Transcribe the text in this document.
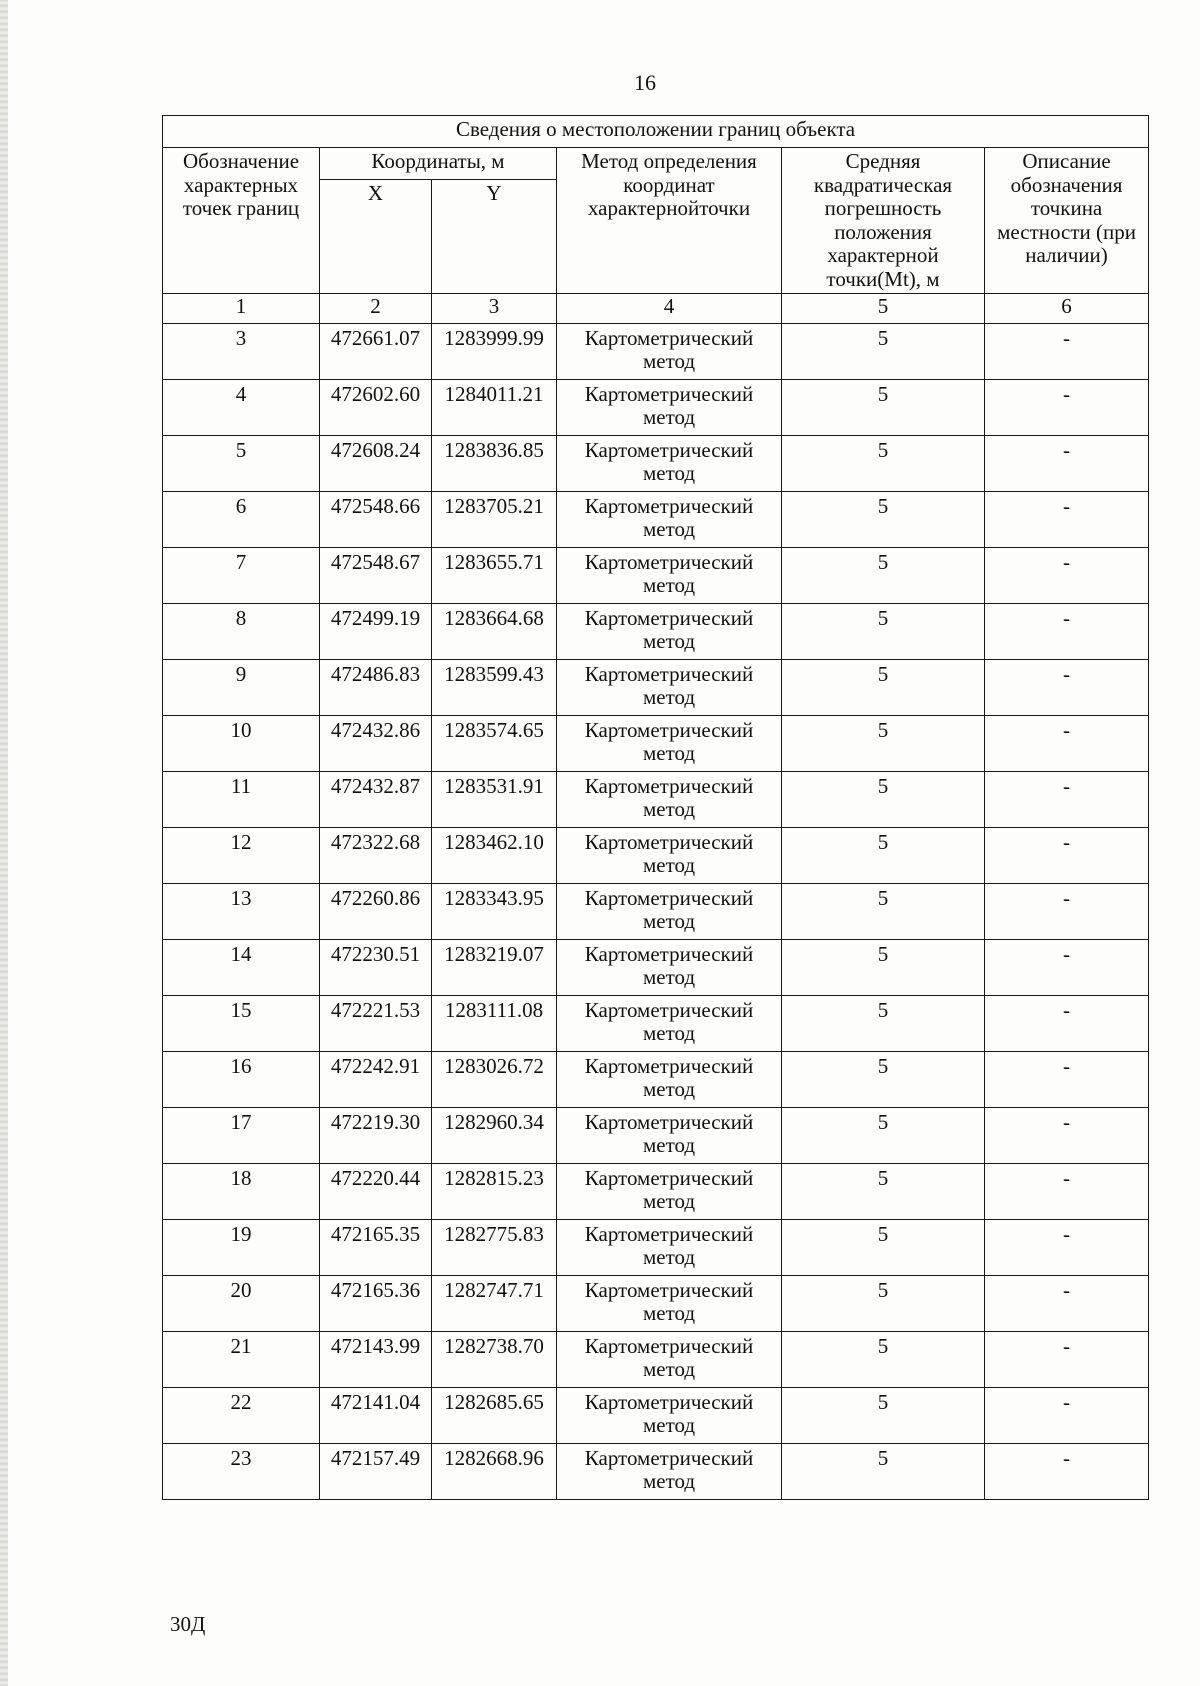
16
Сведения о местоположении границ объекта					
Обозначение характерных точек границ	Координаты, м		Метод определения координат характернойточки	Средняя квадратическая погрешность положения характерной точки(Mt), м	Описание обозначения точкина местности (при наличии)
	X	Y			
1	2	3	4	5	6
3	472661.07	1283999.99	Картометрический метод	5	-
4	472602.60	1284011.21	Картометрический метод	5	-
5	472608.24	1283836.85	Картометрический метод	5	-
6	472548.66	1283705.21	Картометрический метод	5	-
7	472548.67	1283655.71	Картометрический метод	5	-
8	472499.19	1283664.68	Картометрический метод	5	-
9	472486.83	1283599.43	Картометрический метод	5	-
10	472432.86	1283574.65	Картометрический метод	5	-
11	472432.87	1283531.91	Картометрический метод	5	-
12	472322.68	1283462.10	Картометрический метод	5	-
13	472260.86	1283343.95	Картометрический метод	5	-
14	472230.51	1283219.07	Картометрический метод	5	-
15	472221.53	1283111.08	Картометрический метод	5	-
16	472242.91	1283026.72	Картометрический метод	5	-
17	472219.30	1282960.34	Картометрический метод	5	-
18	472220.44	1282815.23	Картометрический метод	5	-
19	472165.35	1282775.83	Картометрический метод	5	-
20	472165.36	1282747.71	Картометрический метод	5	-
21	472143.99	1282738.70	Картометрический метод	5	-
22	472141.04	1282685.65	Картометрический метод	5	-
23	472157.49	1282668.96	Картометрический метод	5	-
30Д
